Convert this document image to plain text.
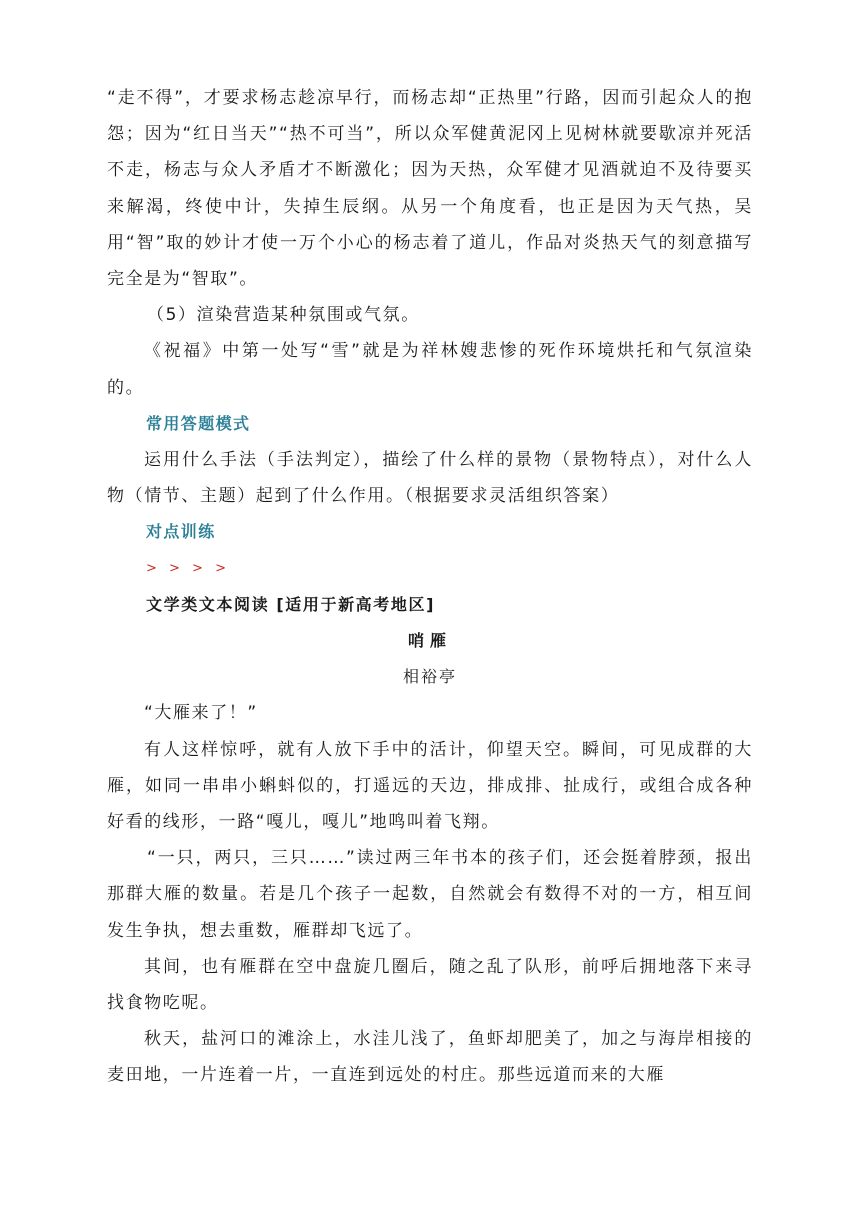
“走不得”，才要求杨志趁凉早行，而杨志却“正热里”行路，因而引起众人的抱怨；因为“红日当天”“热不可当”，所以众军健黄泥冈上见树林就要歇凉并死活不走，杨志与众人矛盾才不断激化；因为天热，众军健才见酒就迫不及待要买来解渴，终使中计，失掉生辰纲。从另一个角度看，也正是因为天气热，吴用“智”取的妙计才使一万个小心的杨志着了道儿，作品对炎热天气的刻意描写完全是为“智取”。

（5）渲染营造某种氛围或气氛。

《祝福》中第一处写“雪”就是为祥林嫂悲惨的死作环境烘托和气氛渲染的。

常用答题模式

运用什么手法（手法判定），描绘了什么样的景物（景物特点），对什么人物（情节、主题）起到了什么作用。（根据要求灵活组织答案）

对点训练

> > > >

文学类文本阅读 [适用于新高考地区]

哨雁

相裕亭

“大雁来了！”

有人这样惊呼，就有人放下手中的活计，仰望天空。瞬间，可见成群的大雁，如同一串串小蝌蚪似的，打遥远的天边，排成排、扯成行，或组合成各种好看的线形，一路“嘎儿，嘎儿”地鸣叫着飞翔。

“一只，两只，三只……”读过两三年书本的孩子们，还会挺着脖颈，报出那群大雁的数量。若是几个孩子一起数，自然就会有数得不对的一方，相互间发生争执，想去重数，雁群却飞远了。

其间，也有雁群在空中盘旋几圈后，随之乱了队形，前呼后拥地落下来寻找食物吃呢。

秋天，盐河口的滩涂上，水洼儿浅了，鱼虾却肥美了，加之与海岸相接的麦田地，一片连着一片，一直连到远处的村庄。那些远道而来的大雁
